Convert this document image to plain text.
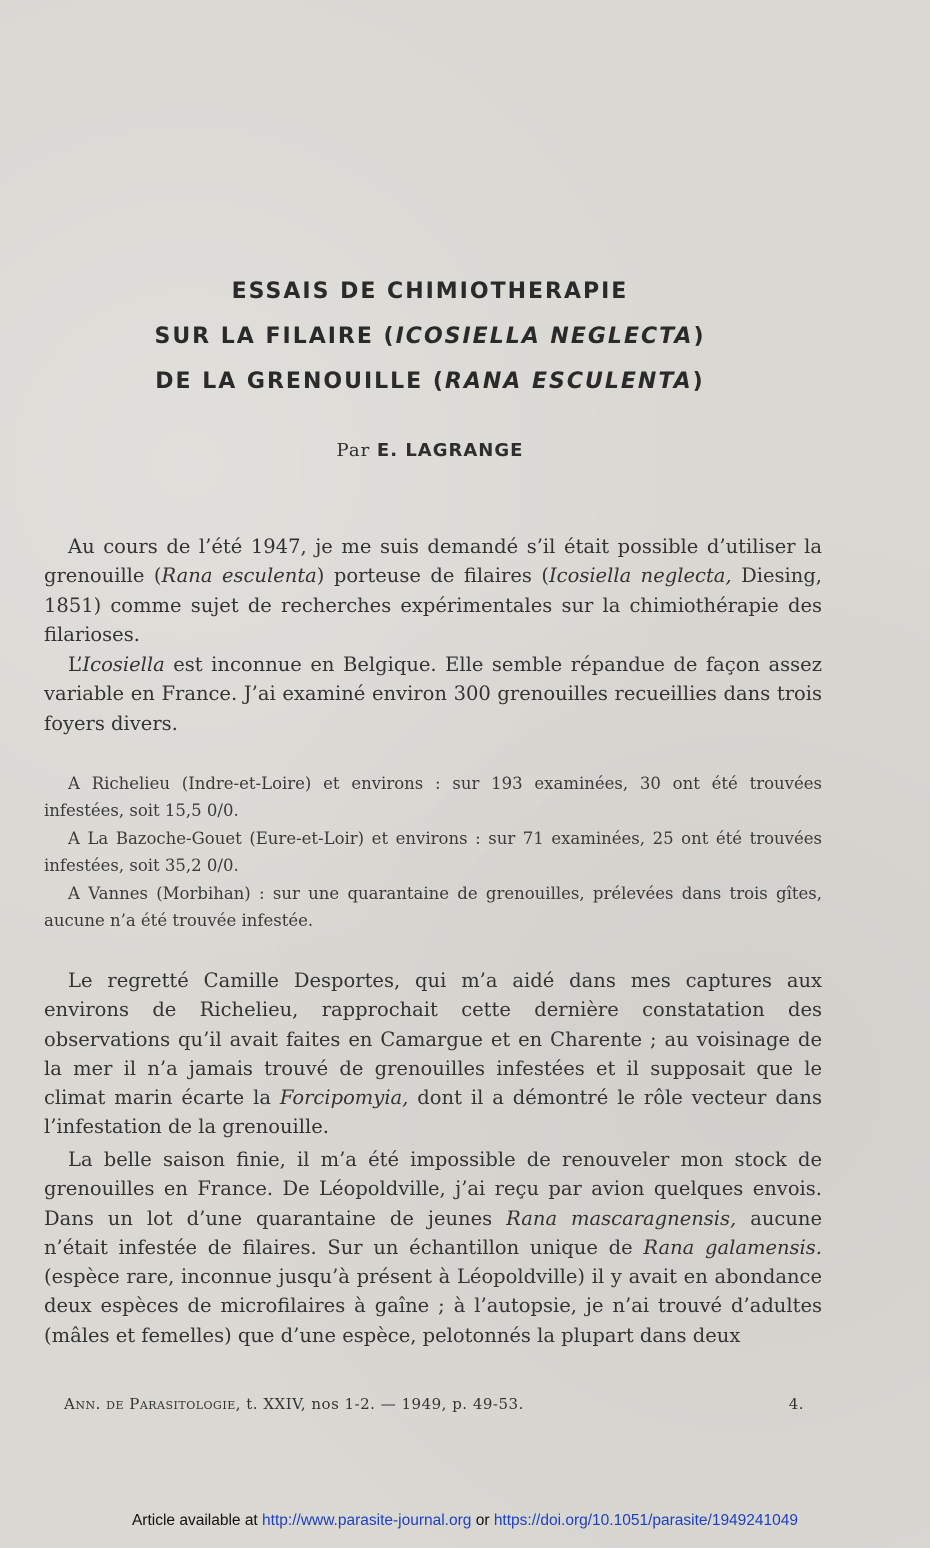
ESSAIS DE CHIMIOTHERAPIE
SUR LA FILAIRE (ICOSIELLA NEGLECTA)
DE LA GRENOUILLE (RANA ESCULENTA)
Par E. LAGRANGE
Au cours de l’été 1947, je me suis demandé s’il était possible d’utiliser la grenouille (Rana esculenta) porteuse de filaires (Icosiella neglecta, Diesing, 1851) comme sujet de recherches expérimentales sur la chimiothérapie des filarioses.
L’Icosiella est inconnue en Belgique. Elle semble répandue de façon assez variable en France. J’ai examiné environ 300 grenouilles recueillies dans trois foyers divers.
A Richelieu (Indre-et-Loire) et environs : sur 193 examinées, 30 ont été trouvées infestées, soit 15,5 0/0.
A La Bazoche-Gouet (Eure-et-Loir) et environs : sur 71 examinées, 25 ont été trouvées infestées, soit 35,2 0/0.
A Vannes (Morbihan) : sur une quarantaine de grenouilles, prélevées dans trois gîtes, aucune n’a été trouvée infestée.
Le regretté Camille Desportes, qui m’a aidé dans mes captures aux environs de Richelieu, rapprochait cette dernière constatation des observations qu’il avait faites en Camargue et en Charente ; au voisinage de la mer il n’a jamais trouvé de grenouilles infestées et il supposait que le climat marin écarte la Forcipomyia, dont il a démontré le rôle vecteur dans l’infestation de la grenouille.
La belle saison finie, il m’a été impossible de renouveler mon stock de grenouilles en France. De Léopoldville, j’ai reçu par avion quelques envois. Dans un lot d’une quarantaine de jeunes Rana mascaragnensis, aucune n’était infestée de filaires. Sur un échantillon unique de Rana galamensis.(espèce rare, inconnue jusqu’à présent à Léopoldville) il y avait en abondance deux espèces de microfilaires à gaîne ; à l’autopsie, je n’ai trouvé d’adultes (mâles et femelles) que d’une espèce, pelotonnés la plupart dans deux
Ann. de Parasitologie, t. XXIV, nos 1-2. — 1949, p. 49-53.	4.
Article available at http://www.parasite-journal.org or https://doi.org/10.1051/parasite/1949241049
